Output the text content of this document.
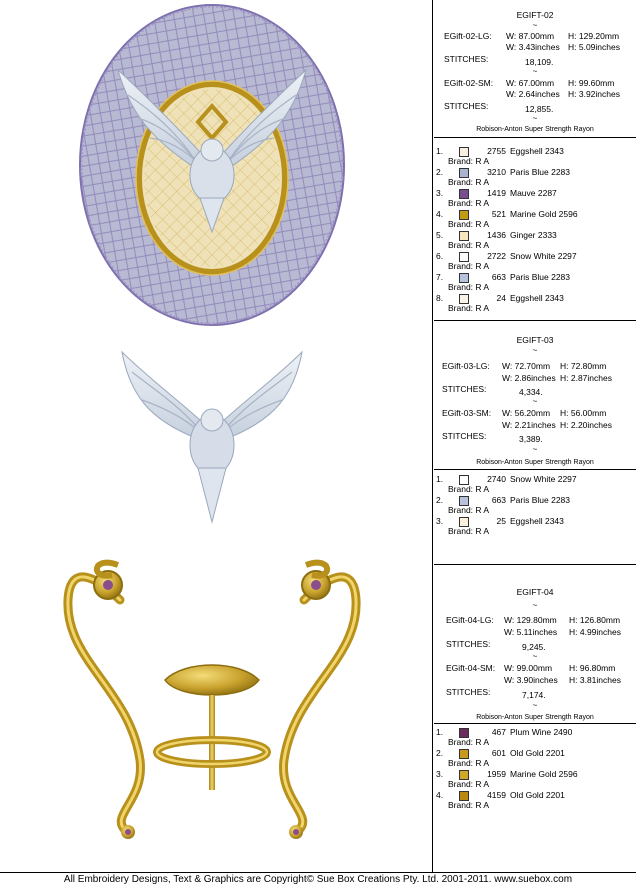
EGIFT-02
~
EGift-02-LG: W: 87.00mm H: 129.20mm
W: 3.43inches H: 5.09inches
STITCHES:	18,109.
~
EGift-02-SM: W: 67.00mm H: 99.60mm
W: 2.64inches H: 3.92inches
STITCHES:	12,855.
~
Robison-Anton Super Strength Rayon
1.	2755 Eggshell 2343
Brand: R A
2.	3210 Paris Blue 2283
Brand: R A
3.	1419 Mauve 2287
Brand: R A
4.	521 Marine Gold 2596
Brand: R A
5.	1436 Ginger 2333
Brand: R A
6.	2722 Snow White 2297
Brand: R A
7.	663 Paris Blue 2283
Brand: R A
8.	24 Eggshell 2343
Brand: R A
EGIFT-03
~
EGift-03-LG: W: 72.70mm H: 72.80mm
W: 2.86inches H: 2.87inches
STITCHES:	4,334.
~
EGift-03-SM: W: 56.20mm H: 56.00mm
W: 2.21inches H: 2.20inches
STITCHES:	3,389.
~
Robison-Anton Super Strength Rayon
1.	2740 Snow White 2297
Brand: R A
2.	663 Paris Blue 2283
Brand: R A
3.	25 Eggshell 2343
Brand: R A
EGIFT-04
~
EGift-04-LG: W: 129.80mm H: 126.80mm
W: 5.11inches H: 4.99inches
STITCHES:	9,245.
~
EGift-04-SM: W: 99.00mm H: 96.80mm
W: 3.90inches H: 3.81inches
STITCHES:	7,174.
~
Robison-Anton Super Strength Rayon
1.	467 Plum Wine 2490
Brand: R A
2.	601 Old Gold 2201
Brand: R A
3.	1959 Marine Gold 2596
Brand: R A
4.	4159 Old Gold 2201
Brand: R A
All Embroidery Designs, Text & Graphics are Copyright© Sue Box Creations Pty. Ltd. 2001-2011. www.suebox.com
